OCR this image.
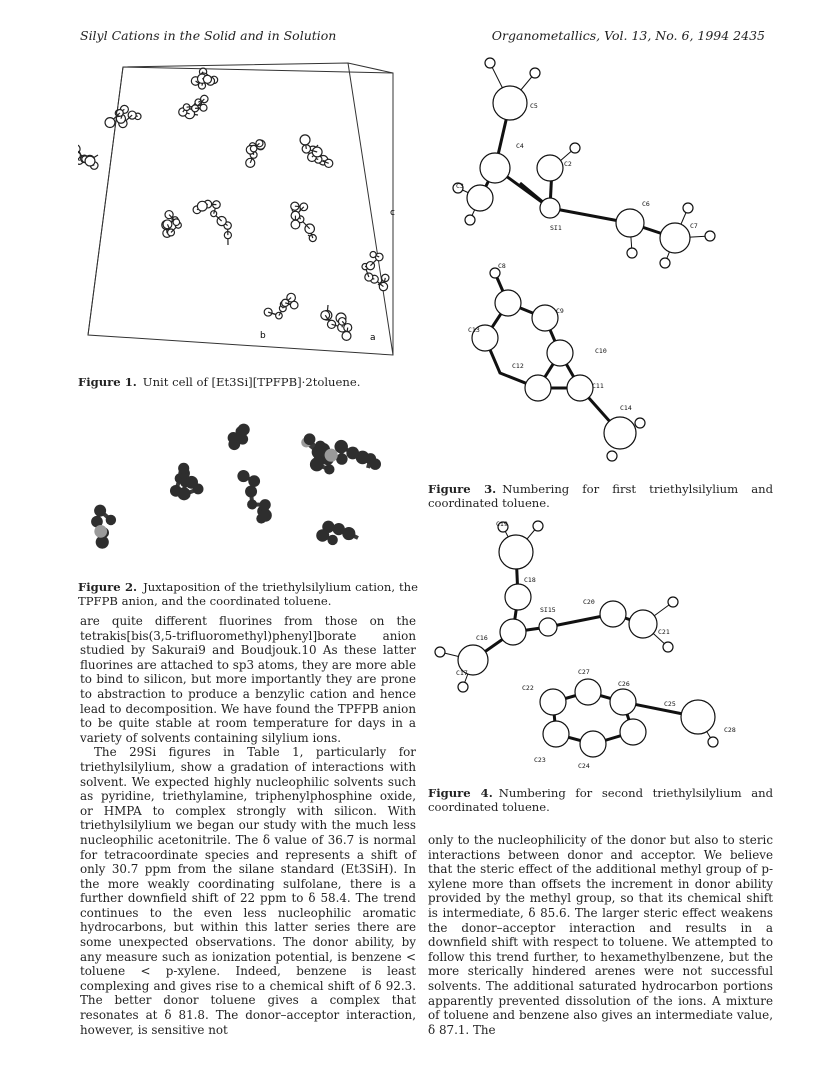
Silyl Cations in the Solid and in Solution	Organometallics, Vol. 13, No. 6, 1994 2435
c
b	a
Figure 1. Unit cell of [Et3Si][TPFPB]·2toluene.
Figure 2. Juxtaposition of the triethylsilylium cation, the TPFPB anion, and the coordinated toluene.
C5
C4
C2
C3
C6
C7
SI1
C8
C9
C13
C10
C12
C11
C14
Figure 3. Numbering for first triethylsilylium and coordinated toluene.
C19
C18
C20
SI15
C16
C21
C17
C22
C27
C26
C25
C23
C24
C28
Figure 4. Numbering for second triethylsilylium and coordinated toluene.

are quite different fluorines from those on the tetrakis[bis(3,5-trifluoromethyl)phenyl]borate anion studied by Sakurai9 and Boudjouk.10 As these latter fluorines are attached to sp3 atoms, they are more able to bind to silicon, but more importantly they are prone to abstraction to produce a benzylic cation and hence lead to decomposition. We have found the TPFPB anion to be quite stable at room temperature for days in a variety of solvents containing silylium ions.

The 29Si figures in Table 1, particularly for triethylsilylium, show a gradation of interactions with solvent. We expected highly nucleophilic solvents such as pyridine, triethylamine, triphenylphosphine oxide, or HMPA to complex strongly with silicon. With triethylsilylium we began our study with the much less nucleophilic acetonitrile. The δ value of 36.7 is normal for tetracoordinate species and represents a shift of only 30.7 ppm from the silane standard (Et3SiH). In the more weakly coordinating sulfolane, there is a further downfield shift of 22 ppm to δ 58.4. The trend continues to the even less nucleophilic aromatic hydrocarbons, but within this latter series there are some unexpected observations. The donor ability, by any measure such as ionization potential, is benzene < toluene < p-xylene. Indeed, benzene is least complexing and gives rise to a chemical shift of δ 92.3. The better donor toluene gives a complex that resonates at δ 81.8. The donor–acceptor interaction, however, is sensitive not

only to the nucleophilicity of the donor but also to steric interactions between donor and acceptor. We believe that the steric effect of the additional methyl group of p-xylene more than offsets the increment in donor ability provided by the methyl group, so that its chemical shift is intermediate, δ 85.6. The larger steric effect weakens the donor–acceptor interaction and results in a downfield shift with respect to toluene. We attempted to follow this trend further, to hexamethylbenzene, but the more sterically hindered arenes were not successful solvents. The additional saturated hydrocarbon portions apparently prevented dissolution of the ions. A mixture of toluene and benzene also gives an intermediate value, δ 87.1. The
